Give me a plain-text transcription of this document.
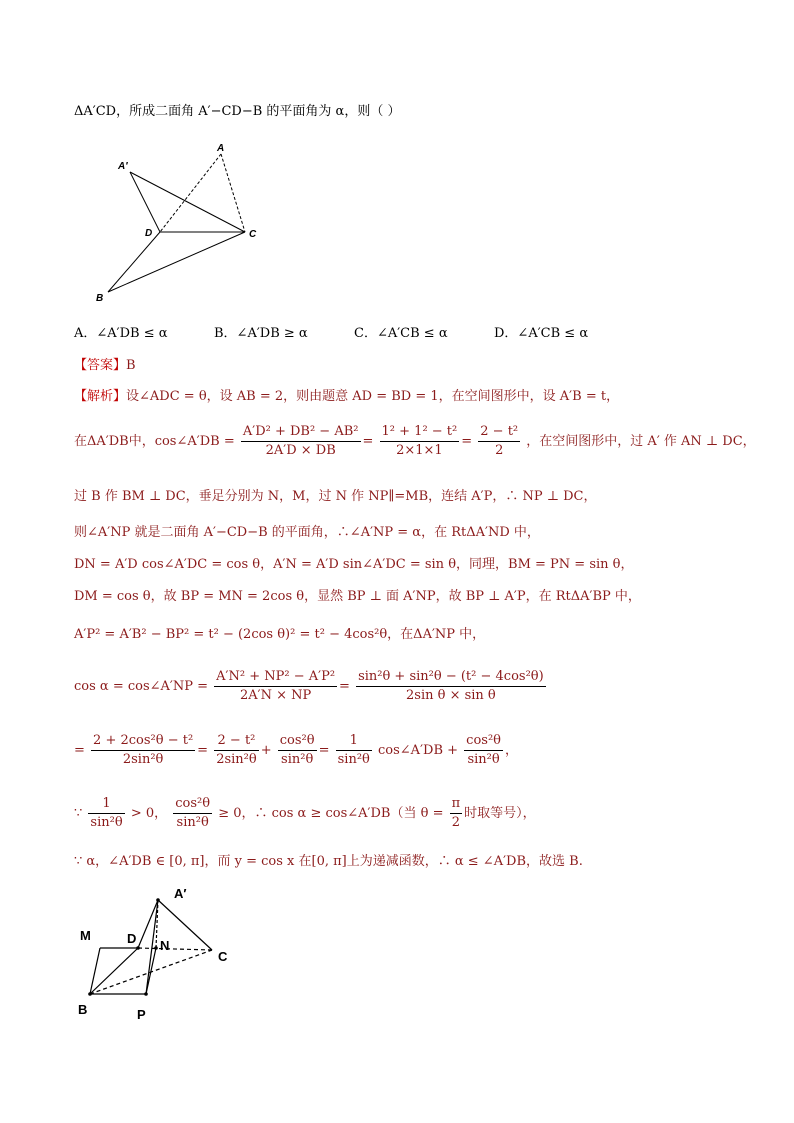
ΔA′CD，所成二面角 A′−CD−B 的平面角为 α，则（ ）
A′
A
D	C
B
A．∠A′DB ≤ α	B．∠A′DB ≥ α	C．∠A′CB ≤ α	D．∠A′CB ≤ α
【答案】B
【解析】设∠ADC = θ，设 AB = 2，则由题意 AD = BD = 1，在空间图形中，设 A′B = t，
在ΔA′DB中，cos∠A′DB = $\frac{\text{A′D² + DB² − AB²}}{2A'D \times DB} = \frac{\text{1² + 1² − t²}}{2\times 1\times 1} = \frac{\text{2 − t²}}{2}$ ，在空间图形中，过 A′ 作 AN ⊥ DC，
过 B 作 BM ⊥ DC，垂足分别为 N，M，过 N 作 NP∥=MB，连结 A′P，∴ NP ⊥ DC，
则∠A′NP 就是二面角 A′−CD−B 的平面角，∴∠A′NP = α，在 RtΔA′ND 中，
DN = A′D cos∠A′DC = cos θ，A′N = A′D sin∠A′DC = sin θ，同理，BM = PN = sin θ，
DM = cos θ，故 BP = MN = 2cos θ，显然 BP ⊥ 面 A′NP，故 BP ⊥ A′P，在 RtΔA′BP 中，
A′P² = A′B² − BP² = t² − (2cos θ)² = t² − 4cos²θ，在ΔA′NP 中，
cos α = cos∠A′NP = $\frac{\text{A′N² + NP² − A′P²}}{2A'N \times NP} = \frac{\text{sin²θ + sin²θ − (t² − 4cos²θ)}}{\text{2sin θ × sin θ}}$
= $\frac{\text{2 + 2cos²θ − t²}}{\text{2sin²θ}} = \frac{\text{2 − t²}}{\text{2sin²θ}} + \frac{\text{cos²θ}}{\text{sin²θ}} = \frac{1}{\text{sin²θ}}$ cos∠A′DB + $\frac{\text{cos²θ}}{\text{sin²θ}}$ ，
∵ $\frac{1}{\text{sin²θ}} > 0$， $\frac{\text{cos²θ}}{\text{sin²θ}} \ge 0$，∴ cos α ≥ cos∠A′DB（当 $\theta = \frac{\pi}{2}$ 时取等号），
∵ α，∠A′DB ∈ [0, π]，而 y = cos x 在[0, π]上为递减函数，∴ α ≤ ∠A′DB，故选 B.
A′
M	D N
C
B	P
